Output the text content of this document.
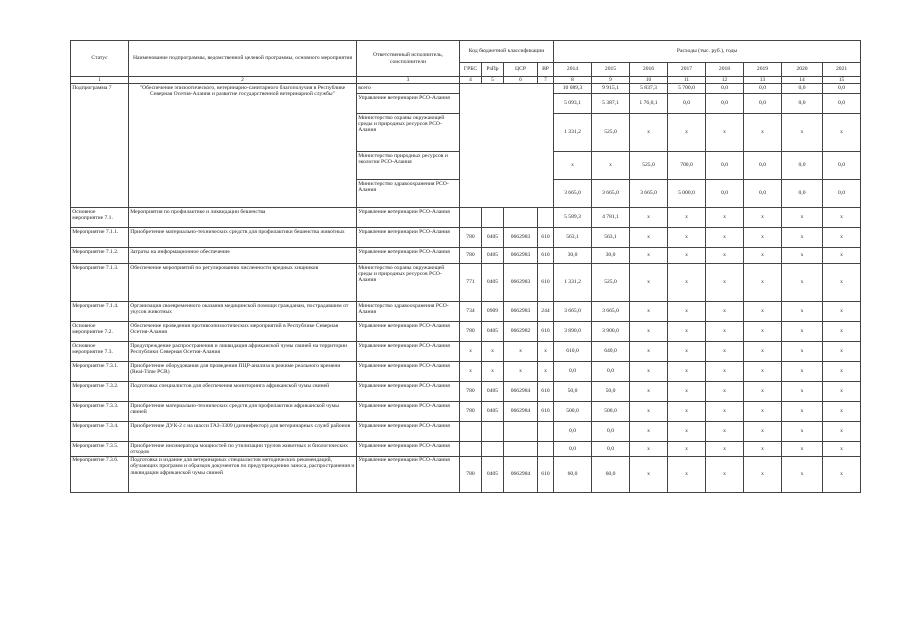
Статус	Наименование подпрограммы, ведомственной целевой программы, основного мероприятия	Ответственный исполнитель, соисполнители	Код бюджетной классификации				Расходы (тыс. руб.), годы							
			ГРБС	РзПр	ЦСР	ВР	2014	2015	2016	2017	2018	2019	2020	2021
1	2	3	4	5	6	7	8	9	10	11	12	13	14	15
Подпрограмма 7	"Обеспечение эпизоотического, ветеринарно-санитарного благополучия в Республике Северная Осетия-Алания и развитие государственной ветеринарной службы"	всего					10 089,3	9 915,1	5 837,3	5 700,0	0,0	0,0	0,0	0,0
		Управление ветеринарии РСО-Алания					5 093,1	5 387,1	1 76,0,1	0,0	0,0	0,0	0,0	0,0
		Министерство охраны окружающей среды и природных ресурсов РСО-Алания					1 331,2	525,0	x	x	x	x	x	x
		Министерство природных ресурсов и экологии РСО-Алания					x	x	525,0	700,0	0,0	0,0	0,0	0,0
		Министерство здравоохранения РСО-Алания					3 665,0	3 665,0	3 665,0	5 000,0	0,0	0,0	0,0	0,0
Основное мероприятие 7.1.	Мероприятия по профилактике и ликвидации бешенства	Управление ветеринарии РСО-Алания					5 589,3	4 781,1	x	x	x	x	x	x
Мероприятие 7.1.1.	Приобретение материально-технических средств для профилактики бешенства животных	Управление ветеринарии РСО-Алания	780	0405	0662983	610	563,1	563,1	x	x	x	x	x	x
Мероприятие 7.1.2.	Затраты на информационное обеспечение	Управление ветеринарии РСО-Алания	780	0405	0662983	610	30,0	30,0	x	x	x	x	x	x
Мероприятие 7.1.3.	Обеспечение мероприятий по регулированию численности вредных хищников	Министерство охраны окружающей среды и природных ресурсов РСО-Алания	771	0405	0662983	610	1 331,2	525,0	x	x	x	x	x	x
Мероприятие 7.1.4.	Организация своевременного оказания медицинской помощи гражданам, пострадавшим от укусов животных	Министерство здравоохранения РСО-Алания	734	0909	0662983	244	3 665,0	3 665,0	x	x	x	x	x	x
Основное мероприятие 7.2.	Обеспечение проведения противоэпизоотических мероприятий в Республике Северная Осетия-Алания	Управление ветеринарии РСО-Алания	780	0405	0662982	610	3 890,0	3 900,0	x	x	x	x	x	x
Основное мероприятие 7.3.	Предупреждение распространения и ликвидация африканской чумы свиней на территории Республики Северная Осетия-Алания	Управление ветеринарии РСО-Алания	x	x	x	x	610,0	640,0	x	x	x	x	x	x
Мероприятие 7.3.1.	Приобретение оборудования для проведения ПЦР-анализа в режиме реального времени (Real-Time PCR)	Управление ветеринарии РСО-Алания	x	x	x	x	0,0	0,0	x	x	x	x	x	x
Мероприятие 7.3.2.	Подготовка специалистов для обеспечения мониторинга африканской чумы свиней	Управление ветеринарии РСО-Алания	780	0405	0662984	610	50,0	50,0	x	x	x	x	x	x
Мероприятие 7.3.3.	Приобретение материально-технических средств для профилактики африканской чумы свиней	Управление ветеринарии РСО-Алания	780	0405	0662984	610	500,0	500,0	x	x	x	x	x	x
Мероприятие 7.3.4.	Приобретение ДУК-2 с на шасси ГАЗ-3309 (дизинфектор) для ветеринарных служб районов	Управление ветеринарии РСО-Алания					0,0	0,0	x	x	x	x	x	x
Мероприятие 7.3.5.	Приобретение инсинератора мощностей по утилизации трупов животных и биологических отходов	Управление ветеринарии РСО-Алания					0,0	0,0	x	x	x	x	x	x
Мероприятие 7.3.6.	Подготовка и издание для ветеринарных специалистов методических рекомендаций, обучающих программ и образцов документов по предупреждению заноса, распространения и ликвидации африканской чумы свиней	Управление ветеринарии РСО-Алания	780	0405	0662984	610	60,0	60,0	x	x	x	x	x	x
